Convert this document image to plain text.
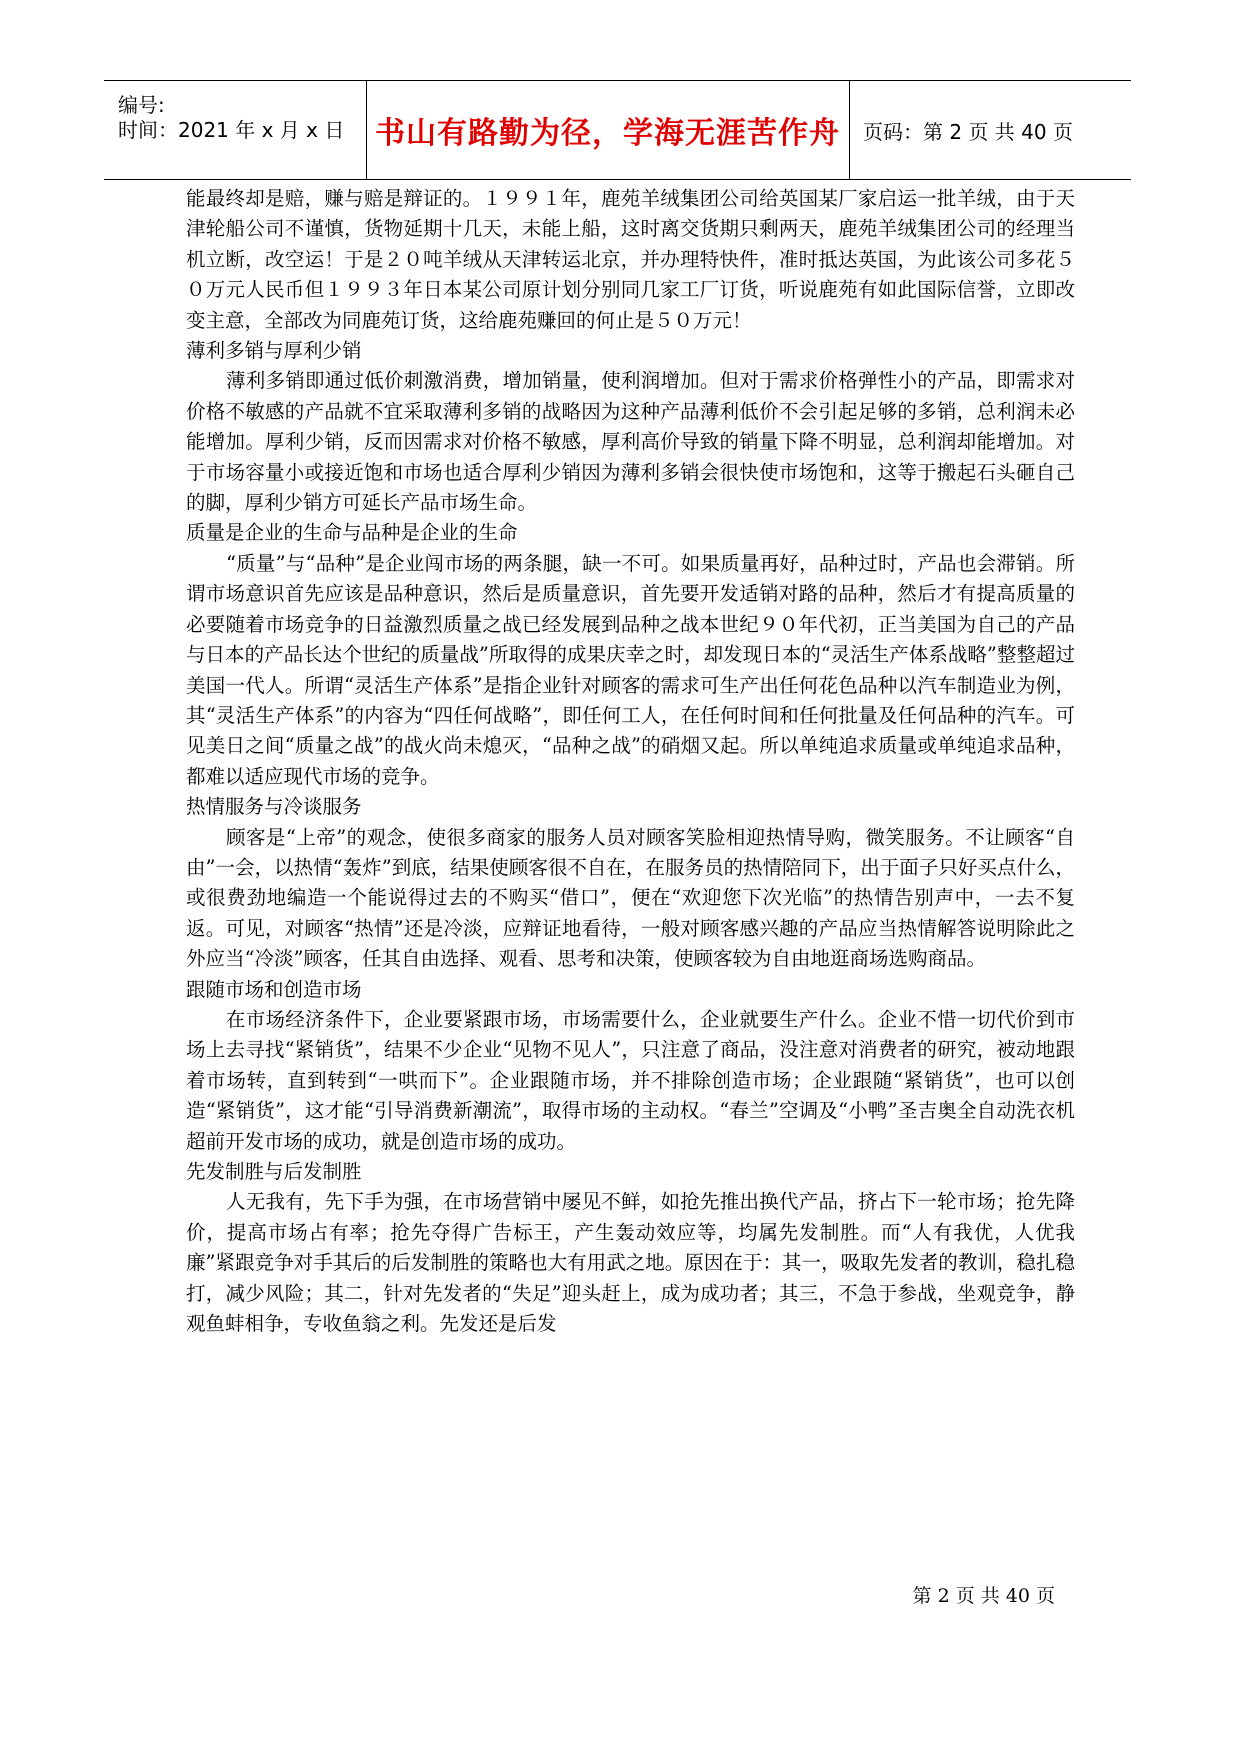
编号:
时间：2021 年 x 月 x 日	书山有路勤为径，学海无涯苦作舟	页码：第 2 页 共 40 页

能最终却是赔，赚与赔是辩证的。１９９１年，鹿苑羊绒集团公司给英国某厂家启运一批羊绒，由于天津轮船公司不谨慎，货物延期十几天，未能上船，这时离交货期只剩两天，鹿苑羊绒集团公司的经理当机立断，改空运！于是２０吨羊绒从天津转运北京，并办理特快件，准时抵达英国，为此该公司多花５０万元人民币但１９９３年日本某公司原计划分别同几家工厂订货，听说鹿苑有如此国际信誉，立即改变主意，全部改为同鹿苑订货，这给鹿苑赚回的何止是５０万元！

薄利多销与厚利少销

薄利多销即通过低价刺激消费，增加销量，使利润增加。但对于需求价格弹性小的产品，即需求对价格不敏感的产品就不宜采取薄利多销的战略因为这种产品薄利低价不会引起足够的多销，总利润未必能增加。厚利少销，反而因需求对价格不敏感，厚利高价导致的销量下降不明显，总利润却能增加。对于市场容量小或接近饱和市场也适合厚利少销因为薄利多销会很快使市场饱和，这等于搬起石头砸自己的脚，厚利少销方可延长产品市场生命。

质量是企业的生命与品种是企业的生命

“质量”与“品种”是企业闯市场的两条腿，缺一不可。如果质量再好，品种过时，产品也会滞销。所谓市场意识首先应该是品种意识，然后是质量意识，首先要开发适销对路的品种，然后才有提高质量的必要随着市场竞争的日益激烈质量之战已经发展到品种之战本世纪９０年代初，正当美国为自己的产品与日本的产品长达个世纪的质量战”所取得的成果庆幸之时，却发现日本的“灵活生产体系战略”整整超过美国一代人。所谓“灵活生产体系”是指企业针对顾客的需求可生产出任何花色品种以汽车制造业为例，其“灵活生产体系”的内容为“四任何战略”，即任何工人，在任何时间和任何批量及任何品种的汽车。可见美日之间“质量之战”的战火尚未熄灭，“品种之战”的硝烟又起。所以单纯追求质量或单纯追求品种，都难以适应现代市场的竞争。

热情服务与冷谈服务

顾客是“上帝”的观念，使很多商家的服务人员对顾客笑脸相迎热情导购，微笑服务。不让顾客“自由”一会，以热情“轰炸”到底，结果使顾客很不自在，在服务员的热情陪同下，出于面子只好买点什么，或很费劲地编造一个能说得过去的不购买“借口”，便在“欢迎您下次光临”的热情告别声中，一去不复返。可见，对顾客“热情”还是冷淡，应辩证地看待，一般对顾客感兴趣的产品应当热情解答说明除此之外应当“冷淡”顾客，任其自由选择、观看、思考和决策，使顾客较为自由地逛商场选购商品。

跟随市场和创造市场

在市场经济条件下，企业要紧跟市场，市场需要什么，企业就要生产什么。企业不惜一切代价到市场上去寻找“紧销货”，结果不少企业“见物不见人”，只注意了商品，没注意对消费者的研究，被动地跟着市场转，直到转到“一哄而下”。企业跟随市场，并不排除创造市场；企业跟随“紧销货”，也可以创造“紧销货”，这才能“引导消费新潮流”，取得市场的主动权。“春兰”空调及“小鸭”圣吉奥全自动洗衣机超前开发市场的成功，就是创造市场的成功。

先发制胜与后发制胜

人无我有，先下手为强，在市场营销中屡见不鲜，如抢先推出换代产品，挤占下一轮市场；抢先降价，提高市场占有率；抢先夺得广告标王，产生轰动效应等，均属先发制胜。而“人有我优，人优我廉”紧跟竞争对手其后的后发制胜的策略也大有用武之地。原因在于：其一，吸取先发者的教训，稳扎稳打，减少风险；其二，针对先发者的“失足”迎头赶上，成为成功者；其三，不急于参战，坐观竞争，静观鱼蚌相争，专收鱼翁之利。先发还是后发

第 2 页 共 40 页
